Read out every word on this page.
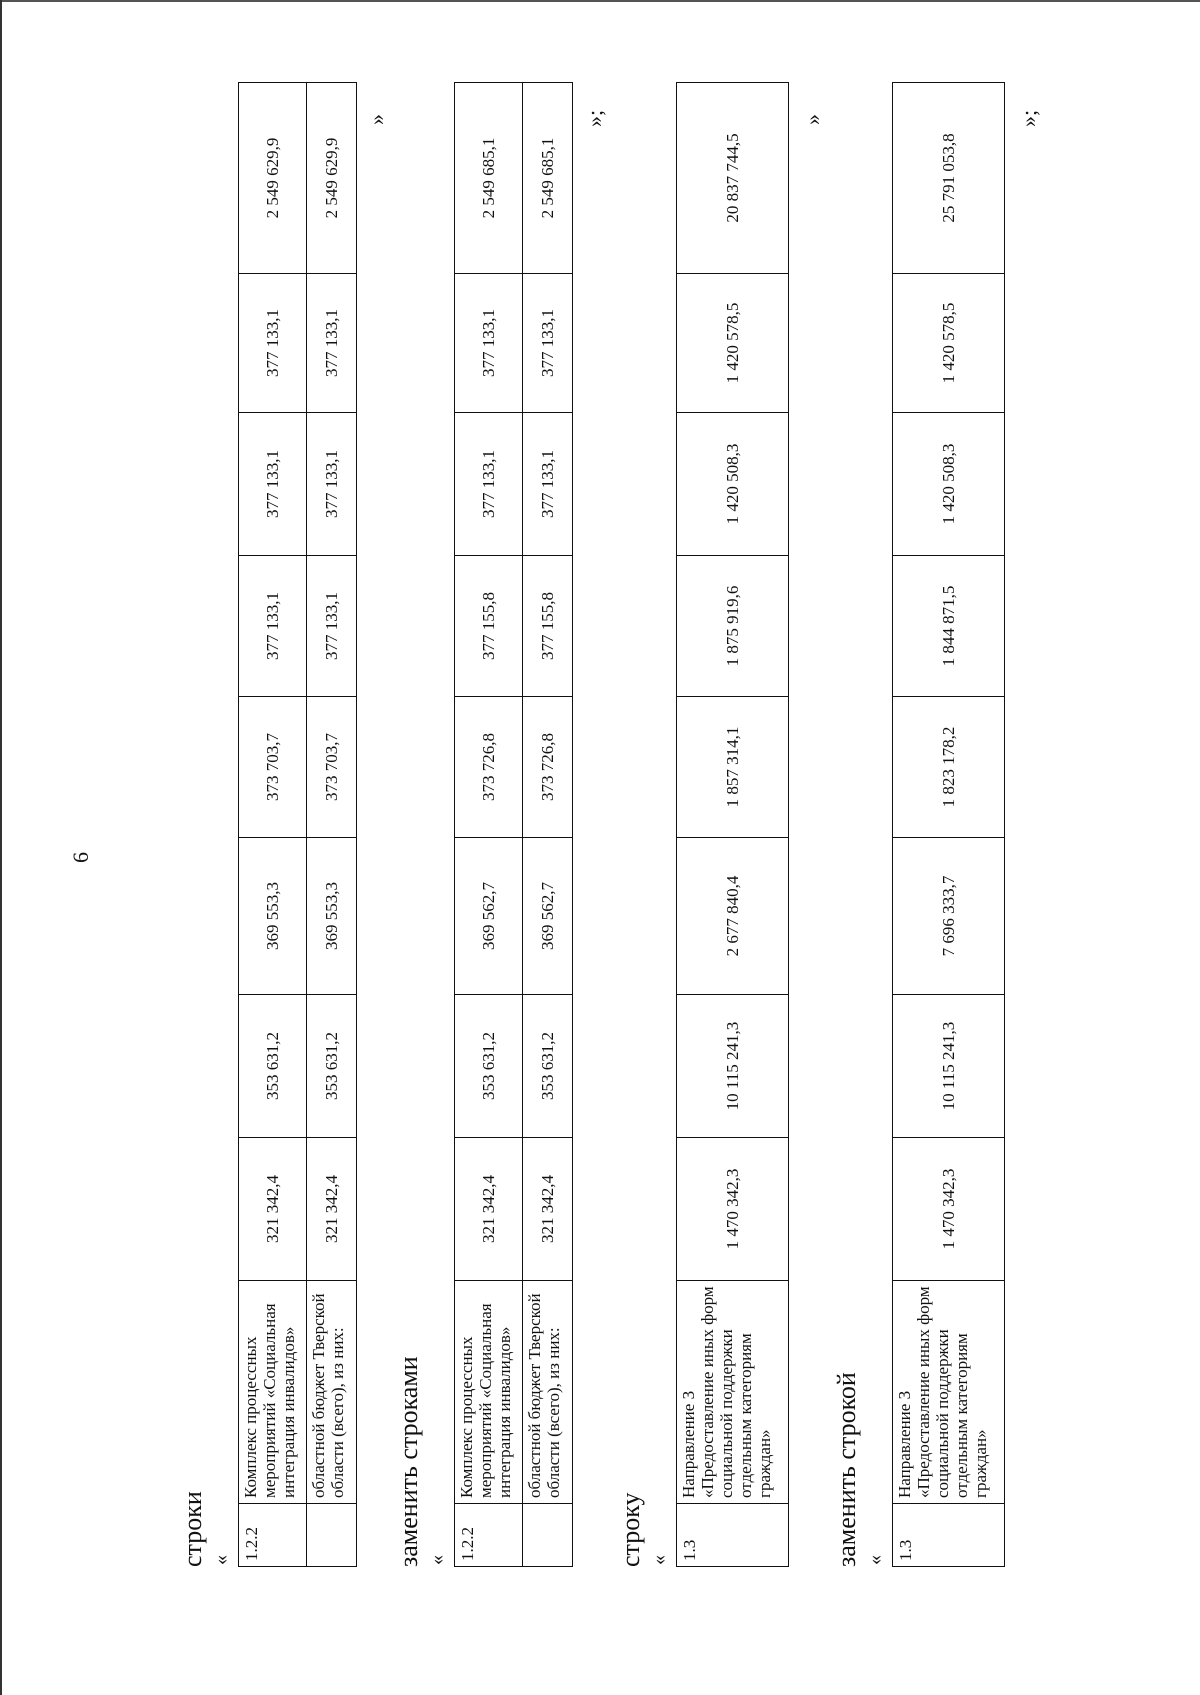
6
строки « 1.2.2	Комплекс процессных мероприятий «Социальная интеграция инвалидов»	321 342,4	353 631,2	369 553,3	373 703,7	377 133,1	377 133,1	377 133,1	2 549 629,9
	областной бюджет Тверской области (всего), из них:	321 342,4	353 631,2	369 553,3	373 703,7	377 133,1	377 133,1	377 133,1	2 549 629,9
»
заменить строками « 1.2.2	Комплекс процессных мероприятий «Социальная интеграция инвалидов»	321 342,4	353 631,2	369 562,7	373 726,8	377 155,8	377 133,1	377 133,1	2 549 685,1
	областной бюджет Тверской области (всего), из них:	321 342,4	353 631,2	369 562,7	373 726,8	377 155,8	377 133,1	377 133,1	2 549 685,1
»;
строку « 1.3	Направление 3 «Предоставление иных форм социальной поддержки отдельным категориям граждан»	1 470 342,3	10 115 241,3	2 677 840,4	1 857 314,1	1 875 919,6	1 420 508,3	1 420 578,5	20 837 744,5
»
заменить строкой « 1.3	Направление 3 «Предоставление иных форм социальной поддержки отдельным категориям граждан»	1 470 342,3	10 115 241,3	7 696 333,7	1 823 178,2	1 844 871,5	1 420 508,3	1 420 578,5	25 791 053,8
»;
